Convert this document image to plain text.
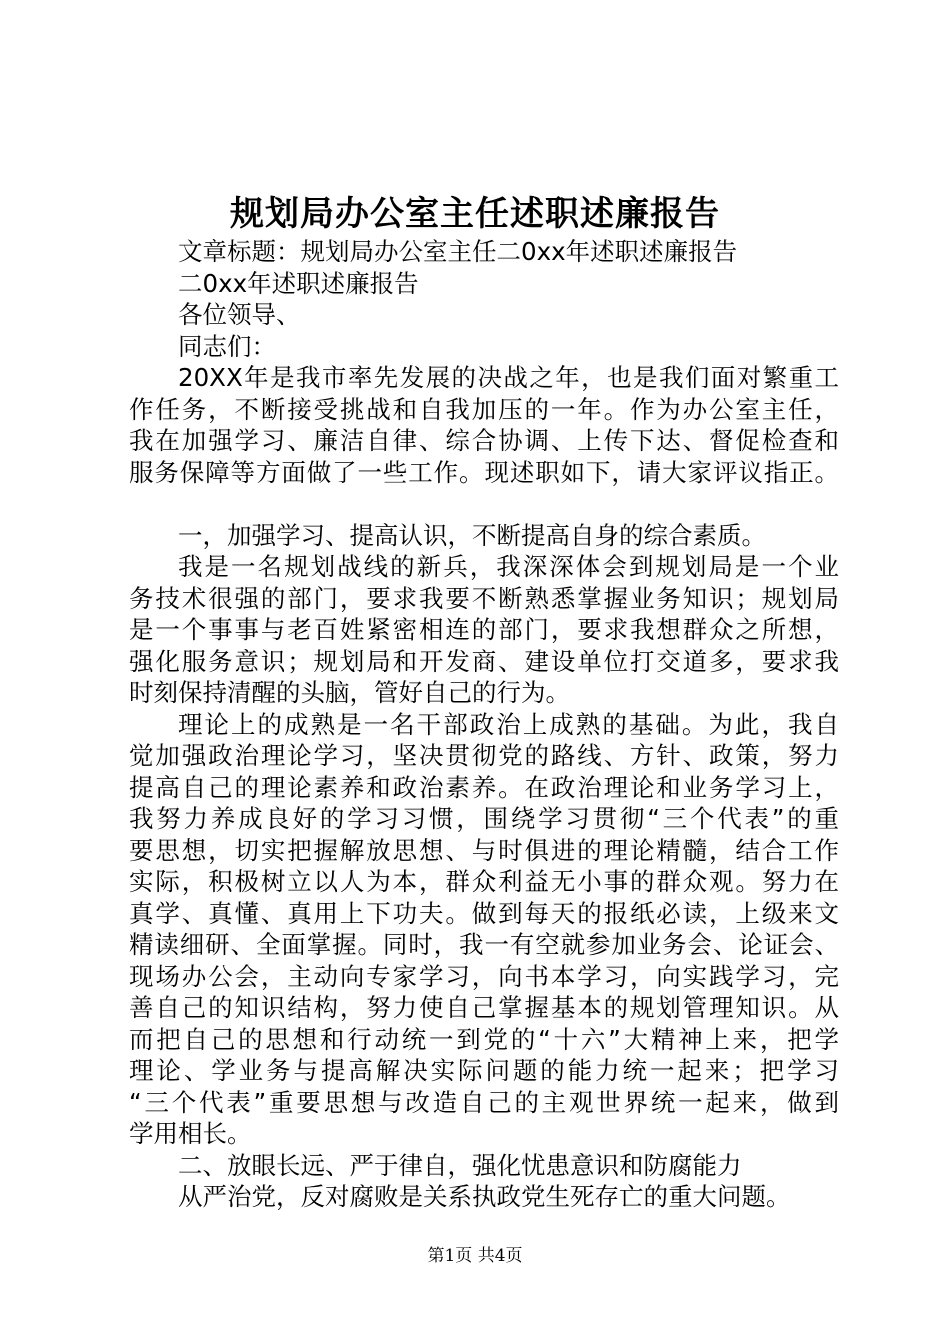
规划局办公室主任述职述廉报告
文章标题：规划局办公室主任二0xx年述职述廉报告
二0xx年述职述廉报告
各位领导、
同志们：
20XX年是我市率先发展的决战之年，也是我们面对繁重工
作任务，不断接受挑战和自我加压的一年。作为办公室主任，
我在加强学习、廉洁自律、综合协调、上传下达、督促检查和
服务保障等方面做了一些工作。现述职如下，请大家评议指正。
一，加强学习、提高认识，不断提高自身的综合素质。
我是一名规划战线的新兵，我深深体会到规划局是一个业
务技术很强的部门，要求我要不断熟悉掌握业务知识；规划局
是一个事事与老百姓紧密相连的部门，要求我想群众之所想，
强化服务意识；规划局和开发商、建设单位打交道多，要求我
时刻保持清醒的头脑，管好自己的行为。
理论上的成熟是一名干部政治上成熟的基础。为此，我自
觉加强政治理论学习，坚决贯彻党的路线、方针、政策，努力
提高自己的理论素养和政治素养。在政治理论和业务学习上，
我努力养成良好的学习习惯，围绕学习贯彻“三个代表”的重
要思想，切实把握解放思想、与时俱进的理论精髓，结合工作
实际，积极树立以人为本，群众利益无小事的群众观。努力在
真学、真懂、真用上下功夫。做到每天的报纸必读，上级来文
精读细研、全面掌握。同时，我一有空就参加业务会、论证会、
现场办公会，主动向专家学习，向书本学习，向实践学习，完
善自己的知识结构，努力使自己掌握基本的规划管理知识。从
而把自己的思想和行动统一到党的“十六”大精神上来，把学
理论、学业务与提高解决实际问题的能力统一起来；把学习
“三个代表”重要思想与改造自己的主观世界统一起来，做到
学用相长。
二、放眼长远、严于律自，强化忧患意识和防腐能力
从严治党，反对腐败是关系执政党生死存亡的重大问题。
第1页 共4页
